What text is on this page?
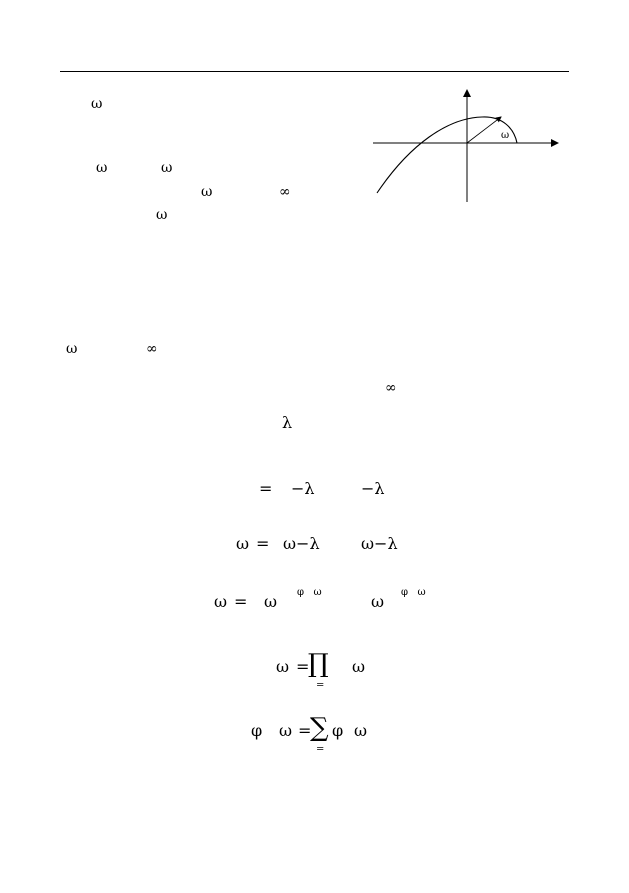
ω
ω	ω
ω	∞
ω
ω
ω	∞
∞
λ
= −λ	−λ
ω = ω−λ	ω−λ
ω = ω φ   ω	ω φ   ω
ω =
∏
=
ω
φ ω =
∑
=
φ ω
